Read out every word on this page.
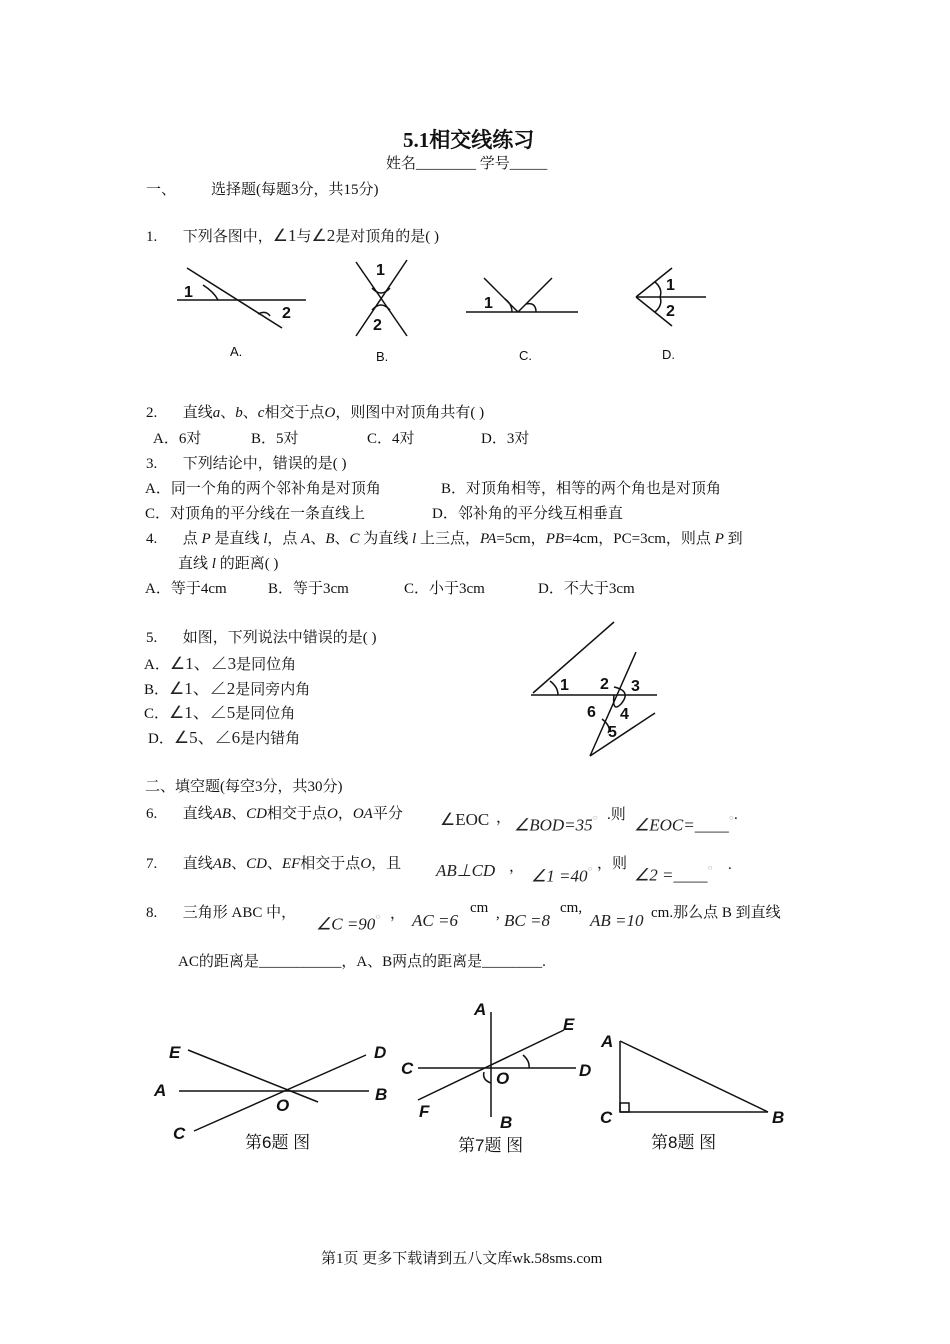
5.1相交线练习
姓名________ 学号_____
一、 选择题(每题3分，共15分)
1. 下列各图中，∠1与∠2是对顶角的是( )
1
2
1
2
1
1
2
A.	B.	C.	D.
2. 直线a、b、c相交于点O，则图中对顶角共有( )
A．6对	B．5对	C．4对	D．3对
3. 下列结论中，错误的是( )
A．同一个角的两个邻补角是对顶角	B．对顶角相等，相等的两个角也是对顶角
C．对顶角的平分线在一条直线上	D．邻补角的平分线互相垂直
4. 点 P 是直线 l，点 A、B、C 为直线 l 上三点，PA=5cm，PB=4cm，PC=3cm，则点 P 到
直线 l 的距离( )
A．等于4cm	B．等于3cm	C．小于3cm	D．不大于3cm
5. 如图，下列说法中错误的是( )
A．∠1、∠3是同位角
B．∠1、∠2是同旁内角
C．∠1、∠5是同位角
D．∠5、∠6是内错角
1 2 3
4
5
6
二、填空题(每空3分，共30分)
6. 直线AB、CD相交于点O，OA平分 ∠EOC ， ∠BOD=35° .则
∠EOC=____° .
7. 直线AB、CD、EF相交于点O，且 AB⊥CD ， ∠1 =40° ，则
∠2 =____° .
8. 三角形 ABC 中，
∠C =90° ， AC =6
cm , BC =8
cm,
AB =10 cm.那么点 B 到直线
AC的距离是___________，A、B两点的距离是________.
E	D
A
O
B
C
A
E
C
O	D
F
B
A
C	B
第6题 图	第7题 图	第8题 图
第1页 更多下载请到五八文库wk.58sms.com
